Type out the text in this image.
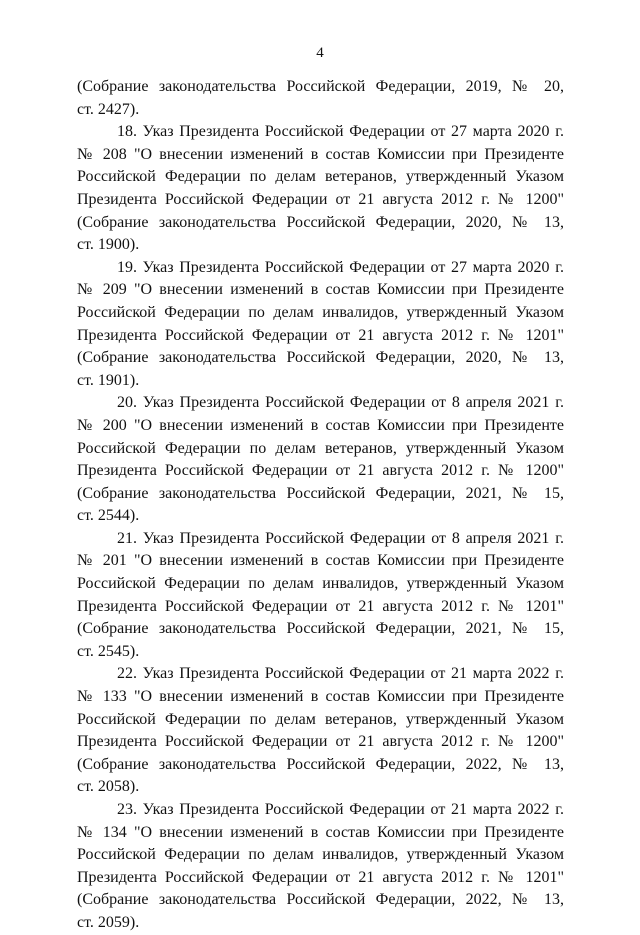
4
(Собрание законодательства Российской Федерации, 2019, № 20,
ст. 2427).
18. Указ Президента Российской Федерации от 27 марта 2020 г.
№ 208 "О внесении изменений в состав Комиссии при Президенте
Российской Федерации по делам ветеранов, утвержденный Указом
Президента Российской Федерации от 21 августа 2012 г. № 1200"
(Собрание законодательства Российской Федерации, 2020, № 13,
ст. 1900).
19. Указ Президента Российской Федерации от 27 марта 2020 г.
№ 209 "О внесении изменений в состав Комиссии при Президенте
Российской Федерации по делам инвалидов, утвержденный Указом
Президента Российской Федерации от 21 августа 2012 г. № 1201"
(Собрание законодательства Российской Федерации, 2020, № 13,
ст. 1901).
20. Указ Президента Российской Федерации от 8 апреля 2021 г.
№ 200 "О внесении изменений в состав Комиссии при Президенте
Российской Федерации по делам ветеранов, утвержденный Указом
Президента Российской Федерации от 21 августа 2012 г. № 1200"
(Собрание законодательства Российской Федерации, 2021, № 15,
ст. 2544).
21. Указ Президента Российской Федерации от 8 апреля 2021 г.
№ 201 "О внесении изменений в состав Комиссии при Президенте
Российской Федерации по делам инвалидов, утвержденный Указом
Президента Российской Федерации от 21 августа 2012 г. № 1201"
(Собрание законодательства Российской Федерации, 2021, № 15,
ст. 2545).
22. Указ Президента Российской Федерации от 21 марта 2022 г.
№ 133 "О внесении изменений в состав Комиссии при Президенте
Российской Федерации по делам ветеранов, утвержденный Указом
Президента Российской Федерации от 21 августа 2012 г. № 1200"
(Собрание законодательства Российской Федерации, 2022, № 13,
ст. 2058).
23. Указ Президента Российской Федерации от 21 марта 2022 г.
№ 134 "О внесении изменений в состав Комиссии при Президенте
Российской Федерации по делам инвалидов, утвержденный Указом
Президента Российской Федерации от 21 августа 2012 г. № 1201"
(Собрание законодательства Российской Федерации, 2022, № 13,
ст. 2059).
